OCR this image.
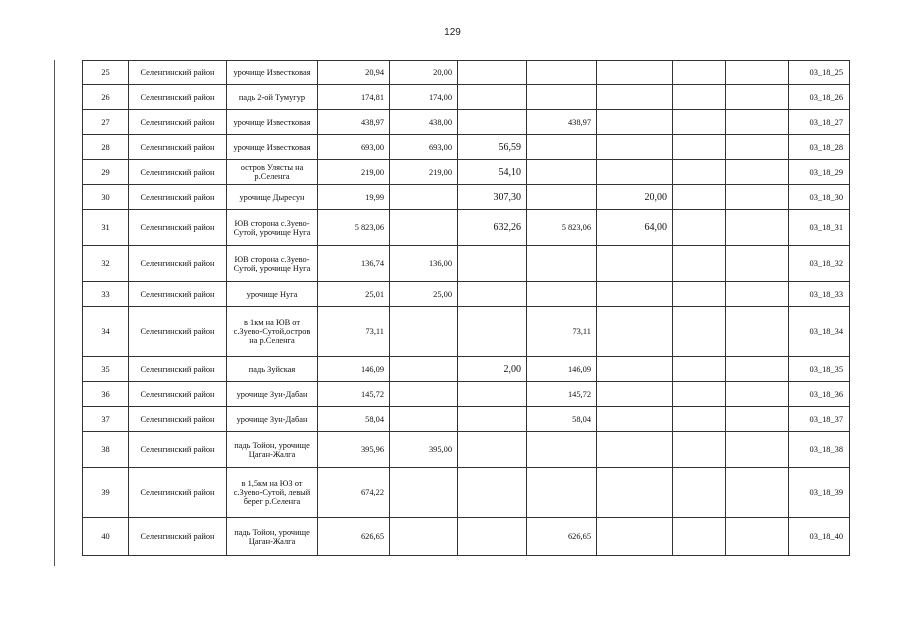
129
25	Селенгинский район	урочище Известковая	20,94	20,00						03_18_25
26	Селенгинский район	падь 2-ой Тумугур	174,81	174,00						03_18_26
27	Селенгинский район	урочище Известковая	438,97	438,00		438,97				03_18_27
28	Селенгинский район	урочище Известковая	693,00	693,00	56,59					03_18_28
29	Селенгинский район	остров Улясты на р.Селенга	219,00	219,00	54,10					03_18_29
30	Селенгинский район	урочище Дыресун	19,99		307,30		20,00			03_18_30
31	Селенгинский район	ЮВ сторона с.Зуево-Сутой, урочище Нуга	5 823,06		632,26	5 823,06	64,00			03_18_31
32	Селенгинский район	ЮВ сторона с.Зуево-Сутой, урочище Нуга	136,74	136,00						03_18_32
33	Селенгинский район	урочище Нуга	25,01	25,00						03_18_33
34	Селенгинский район	в 1км на ЮВ от с.Зуево-Сутой,остров на р.Селенга	73,11			73,11				03_18_34
35	Селенгинский район	падь Зуйская	146,09		2,00	146,09				03_18_35
36	Селенгинский район	урочище Зун-Дабан	145,72			145,72				03_18_36
37	Селенгинский район	урочище Зун-Дабан	58,04			58,04				03_18_37
38	Селенгинский район	падь Тойон, урочище Цаган-Жалга	395,96	395,00						03_18_38
39	Селенгинский район	в 1,5км на ЮЗ от с.Зуево-Сутой, левый берег р.Селенга	674,22							03_18_39
40	Селенгинский район	падь Тойон, урочище Цаган-Жалга	626,65			626,65				03_18_40
